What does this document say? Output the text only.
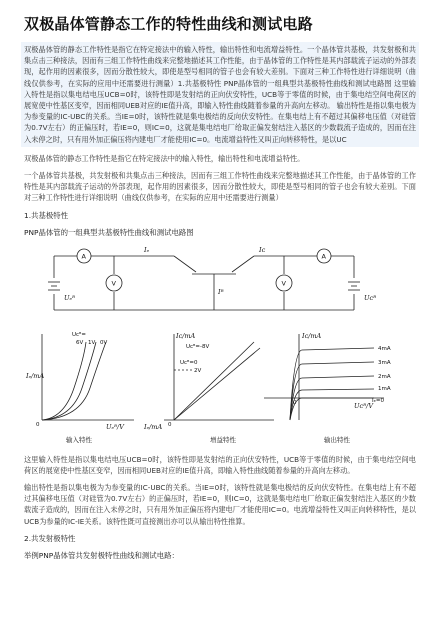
双极晶体管静态工作的特性曲线和测试电路

双极晶体管的静态工作特性是指它在特定接法中的输入特性，输出特性和电流增益特性。一个晶体管共基极，共发射极和共集点击三种接法，因而有三组工作特性曲线来完整地描述其工作性能，由于晶体管的工作特性是其内部载流子运动的外部表现，起作用的因素很多，因而分散性较大，即使是型号相同的管子也会有较大差别。下面对三种工作特性进行详细说明（曲线仅供参考，在实际的应用中还需要进行测量）1.共基极特性 PNP晶体管的一组典型共基极特性曲线和测试电路图 这里输入特性是指以集电结电压UCB=0时，该特性即是发射结的正向伏安特性，UCB等于零值的时候，由于集电结空间电荷区的展宽使中性基区变窄，因而相同UEB对应的IE值升高，即输入特性曲线随着参量的升高向左移动。 输出特性是指以集电极为为参变量的IC-UBC的关系。当IE=0时，该特性就是集电极结的反向伏安特性。在集电结上有不超过其偏移电压值（对硅管为0.7V左右）的正偏压时，若IE=0，则IC=0，这就是集电结电厂给取正偏发射结注入基区的少数载流子造成的，因而在注入未停之时，只有用外加正偏压将内建电厂才能使用IC=0。电流增益特性又叫正向转移特性，是以UC

双极晶体管的静态工作特性是指它在特定接法中的输入特性，输出特性和电流增益特性。

一个晶体管共基极，共发射极和共集点击三种接法，因而有三组工作特性曲线来完整地描述其工作性能，由于晶体管的工作特性是其内部载流子运动的外部表现，起作用的因素很多，因而分散性较大，即使是型号相同的管子也会有较大差别。下面对三种工作特性进行详细说明（曲线仅供参考，在实际的应用中还需要进行测量）

1.共基极特性
PNP晶体管的一组典型共基极特性曲线和测试电路图
A	A
V	V
Iₑ	Iᴄ
Iᴮ
Uₑᴮ	Uᴄᴮ

Iₑ/mA
Uₑᴮ/V
Uᴄᴮ=
6V 1V 0V
0
输入特性
Iᴄ/mA
Iₑ/mA
Uᴄᴮ=-8V
Uᴄᴮ=0
2V
0
增益特性
Iᴄ/mA
Uᴄᴮ/V
4mA
3mA
2mA
1mA
Iₑ=0
0
输出特性

这里输入特性是指以集电结电压UCB=0时，该特性即是发射结的正向伏安特性，UCB等于零值的时候，由于集电结空间电荷区的展宽使中性基区变窄，因而相同UEB对应的IE值升高，即输入特性曲线随着参量的升高向左移动。

输出特性是指以集电极为为参变量的IC-UBC的关系。当IE=0时，该特性就是集电极结的反向伏安特性。在集电结上有不超过其偏移电压值（对硅管为0.7V左右）的正偏压时，若IE=0，则IC=0，这就是集电结电厂给取正偏发射结注入基区的少数载流子造成的，因而在注入未停之时，只有用外加正偏压将内建电厂才能使用IC=0。电流增益特性又叫正向转移特性，是以UCB为参量的IC-IE关系。该特性既可直接测出亦可以从输出特性推算。

2.共发射极特性
举例PNP晶体管共发射极特性曲线和测试电路：
